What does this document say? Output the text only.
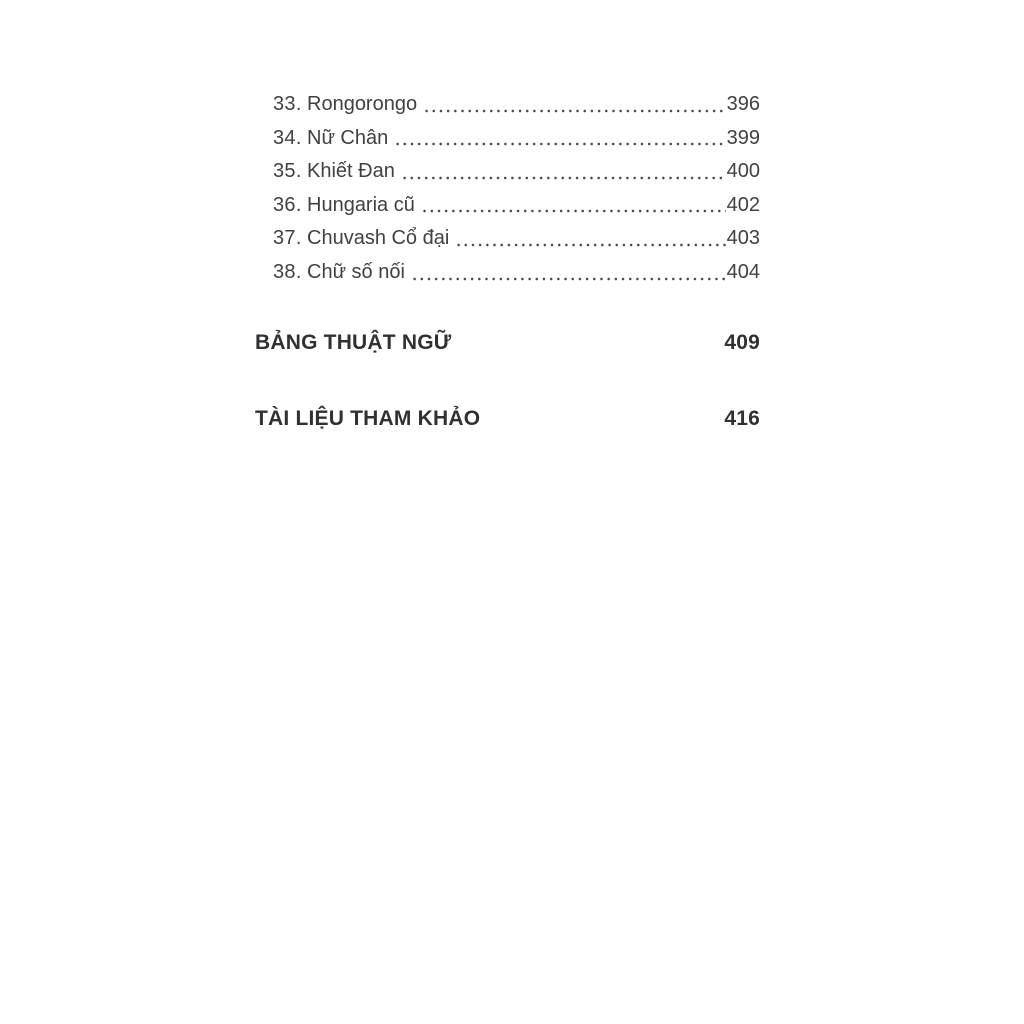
33. Rongorongo	396
34. Nữ Chân	399
35. Khiết Đan	400
36. Hungaria cũ	402
37. Chuvash Cổ đại	403
38. Chữ số nối	404
BẢNG THUẬT NGỮ	409
TÀI LIỆU THAM KHẢO	416
